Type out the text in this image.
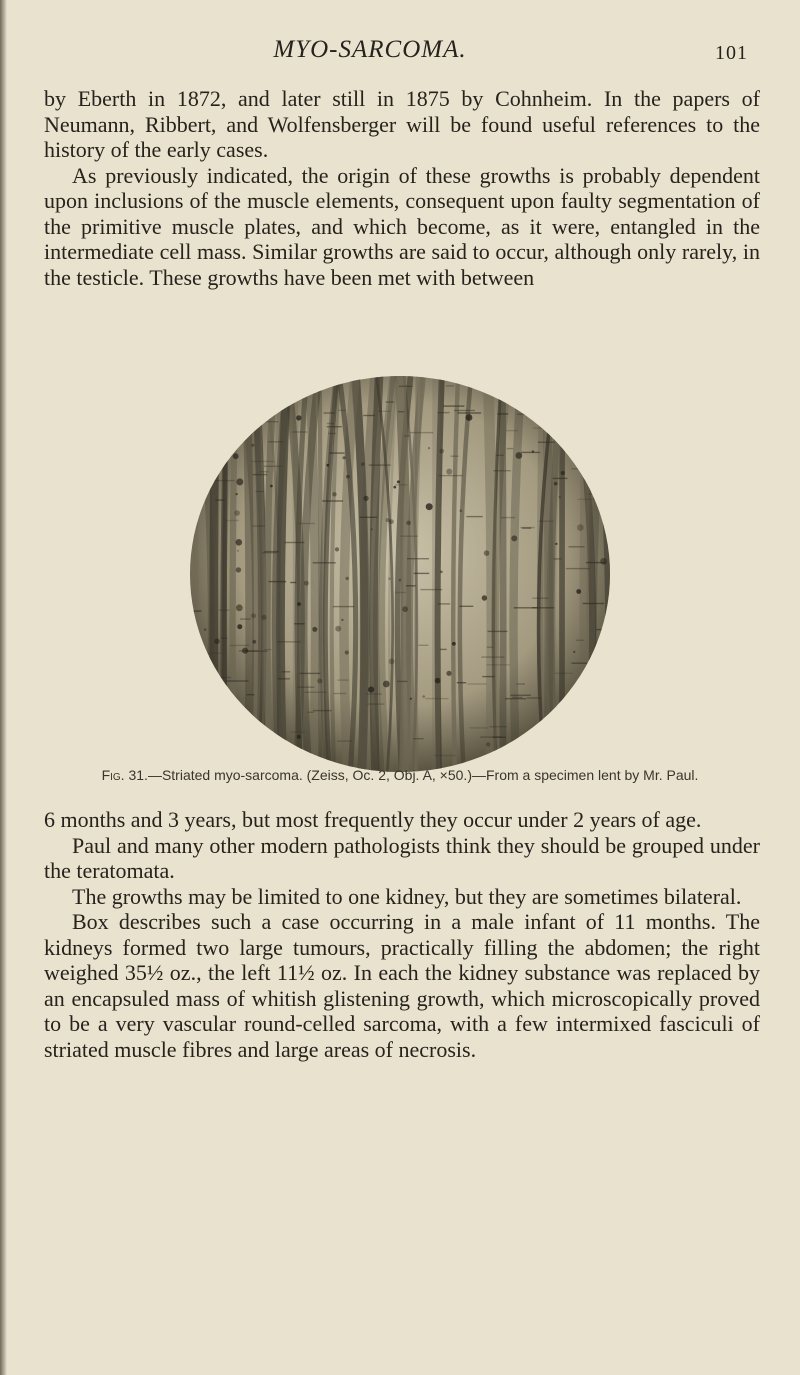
MYO-SARCOMA.	101

by Eberth in 1872, and later still in 1875 by Cohnheim. In the papers of Neumann, Ribbert, and Wolfensberger will be found useful references to the history of the early cases.

As previously indicated, the origin of these growths is probably dependent upon inclusions of the muscle elements, consequent upon faulty segmentation of the primitive muscle plates, and which become, as it were, entangled in the intermediate cell mass. Similar growths are said to occur, although only rarely, in the testicle. These growths have been met with between

Fig. 31.—Striated myo-sarcoma. (Zeiss, Oc. 2, Obj. A, ×50.)—From a specimen lent by Mr. Paul.

6 months and 3 years, but most frequently they occur under 2 years of age.

Paul and many other modern pathologists think they should be grouped under the teratomata.

The growths may be limited to one kidney, but they are sometimes bilateral.

Box describes such a case occurring in a male infant of 11 months. The kidneys formed two large tumours, practically filling the abdomen; the right weighed 35½ oz., the left 11½ oz. In each the kidney substance was replaced by an encapsuled mass of whitish glistening growth, which microscopically proved to be a very vascular round-celled sarcoma, with a few intermixed fasciculi of striated muscle fibres and large areas of necrosis.
